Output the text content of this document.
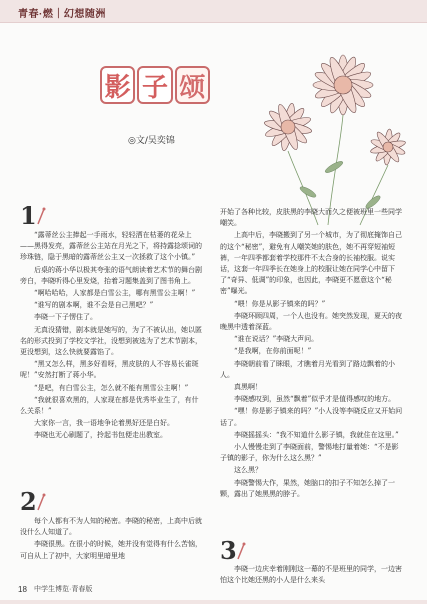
青春·燃｜幻想随洲
影 子 颂
◎文/吴奕锦
1

“露蒂丝公主捧起一手雨水，轻轻洒在枯萎的花朵上——黑得发亮，露蒂丝公主站在月光之下，将持露捻颂词的珍珠链，隐于黑暗的露蒂丝公主又一次拯救了这个小镇。”

后桌的蒋小华以极其夸张的语气朗读着艺术节的舞台剧旁白，李晓听得心里发烧，抬着习题集盖到了图书角上。

“啊哈哈哈，人家都是白雪公主，哪有黑雪公主啊！”

“谁写的剧本啊，谁不会是自己黑吧？”

李晓一下子愣住了。

无真没猜错，剧本就是她写的，为了不被认出，她以匿名的形式投到了学校文学社，没想到被选为了艺术节剧本，更没想到，这么快就要露馅了。

“黑又怎么样，黑多好看呀，黑皮肤的人不容易长雀斑呢！”安然打断了蒋小华。

“是吧，有白雪公主，怎么就不能有黑雪公主啊！”

“我就很喜欢黑的，人家现在都是优秀毕业生了，有什么关系！”

大家你一言，我一语地争论着黑好还是白好。

李晓也无心刷题了，拎起书包便走出教室。

2

每个人都有不为人知的秘密。李晓的秘密，上高中后就没什么人知道了。

李晓很黑。在很小的时候，她并没有觉得有什么苦恼，可自从上了初中，大家明里暗里地

开始了各种比较，皮肤黑的李晓大而久之便被班里一些同学嘲笑。

上高中后，李晓搬到了另一个城市，为了彻底掩饰自己的这个“秘密”，避免有人嘲笑她的肤色，她不再穿短袖短裤，一年四季都套着学校那件不太合身的长袖校服。说实话，这套一年四季长在她身上的校服让她在同学心中留下了“奇异、低调”的印象，也因此，李晓更不愿意这个“秘密”曝光。

“喂！你是从影子镇来的吗？”

李晓环顾四周，一个人也没有。她突然发现，夏天的夜晚黑中透着深蓝。

“谁在说话？”李晓大声问。

“是我啊，在你前面呢！”

李晓朝前看了眯眼，才瞧着月光看到了路边飘着的小人。

真黑啊！

李晓感叹到，虽然“飘着”似乎才是值得感叹的地方。

“嘿！你是影子镇来的吗？”小人没等李晓反应又开始问话了。

李晓摇摇头：“我不知道什么影子镇，我就住在这里。”

小人慢慢走到了李晓面前，警惕地打量着她：“不是影子镇的影子，你为什么这么黑？”

这么黑？

李晓警惕大作，果然，她脑口的扣子不知怎么掉了一颗，露出了她黑黑的脖子。

3

李晓一边庆幸着刚刚这一幕的不是班里的同学，一边害怕这个比她还黑的小人是什么来头

18 中学生博览·青春版
